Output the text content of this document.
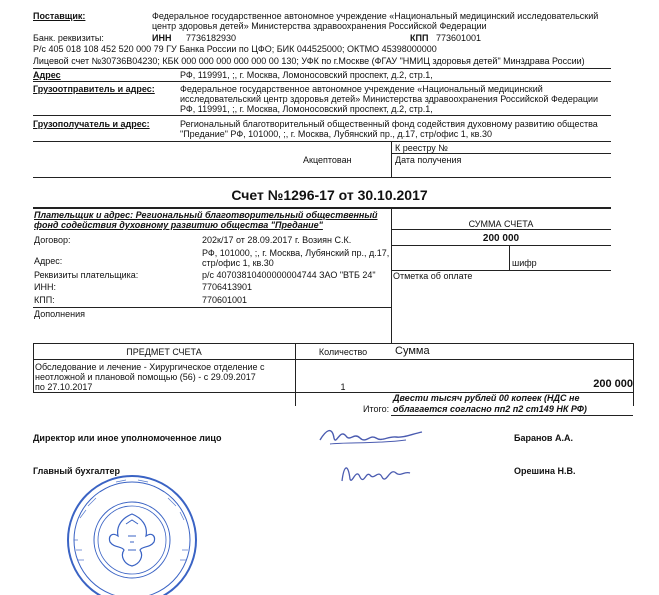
Поставщик:	Федеральное государственное автономное учреждение «Национальный медицинский исследовательский
центр здоровья детей» Министерства здравоохранения Российской Федерации
Банк. реквизиты:	ИНН 7736182930	КПП 773601001
Р/с 405 018 108 452 520 000 79 ГУ Банка России по ЦФО; БИК 044525000; ОКТМО 45398000000
Лицевой счет №30736В04230; КБК 000 000 000 000 000 00 130; УФК по г.Москве (ФГАУ "НМИЦ здоровья детей" Минздрава России)
Адрес	РФ, 119991, ;, г. Москва, Ломоносовский проспект, д.2, стр.1,
Грузоотправитель и адрес:	Федеральное государственное автономное учреждение «Национальный медицинский
исследовательский центр здоровья детей» Министерства здравоохранения Российской Федерации
РФ, 119991, ;, г. Москва, Ломоносовский проспект, д.2, стр.1,
Грузополучатель и адрес:	Региональный благотворительный общественный фонд содействия духовному развитию общества
"Предание" РФ, 101000, ;, г. Москва, Лубянский пр., д.17, стр/офис 1, кв.30
К реестру №
Акцептован	Дата получения
Счет №1296-17 от 30.10.2017
Плательщик и адрес: Региональный благотворительный общественный
фонд содействия духовному развитию общества "Предание"
Договор:	202к/17 от 28.09.2017 г. Возиян С.К.
Адрес:
РФ, 101000, ;, г. Москва, Лубянский пр., д.17,
стр/офис 1, кв.30
Реквизиты плательщика:	р/с 40703810400000004744 ЗАО "ВТБ 24"
ИНН:	7706413901
КПП:	770601001
Дополнения
СУММА СЧЕТА
200 000
шифр
Отметка об оплате
ПРЕДМЕТ СЧЕТА	Количество	Сумма
Обследование и лечение - Хирургическое отделение с
неотложной и плановой помощью (56) - с 29.09.2017
по 27.10.2017	1	200 000
Итого:
Двести тысяч рублей 00 копеек (НДС не
облагается согласно пп2 п2 ст149 НК РФ)
Директор или иное уполномоченное лицо	Баранов А.А.
Главный бухгалтер	Орешина Н.В.
